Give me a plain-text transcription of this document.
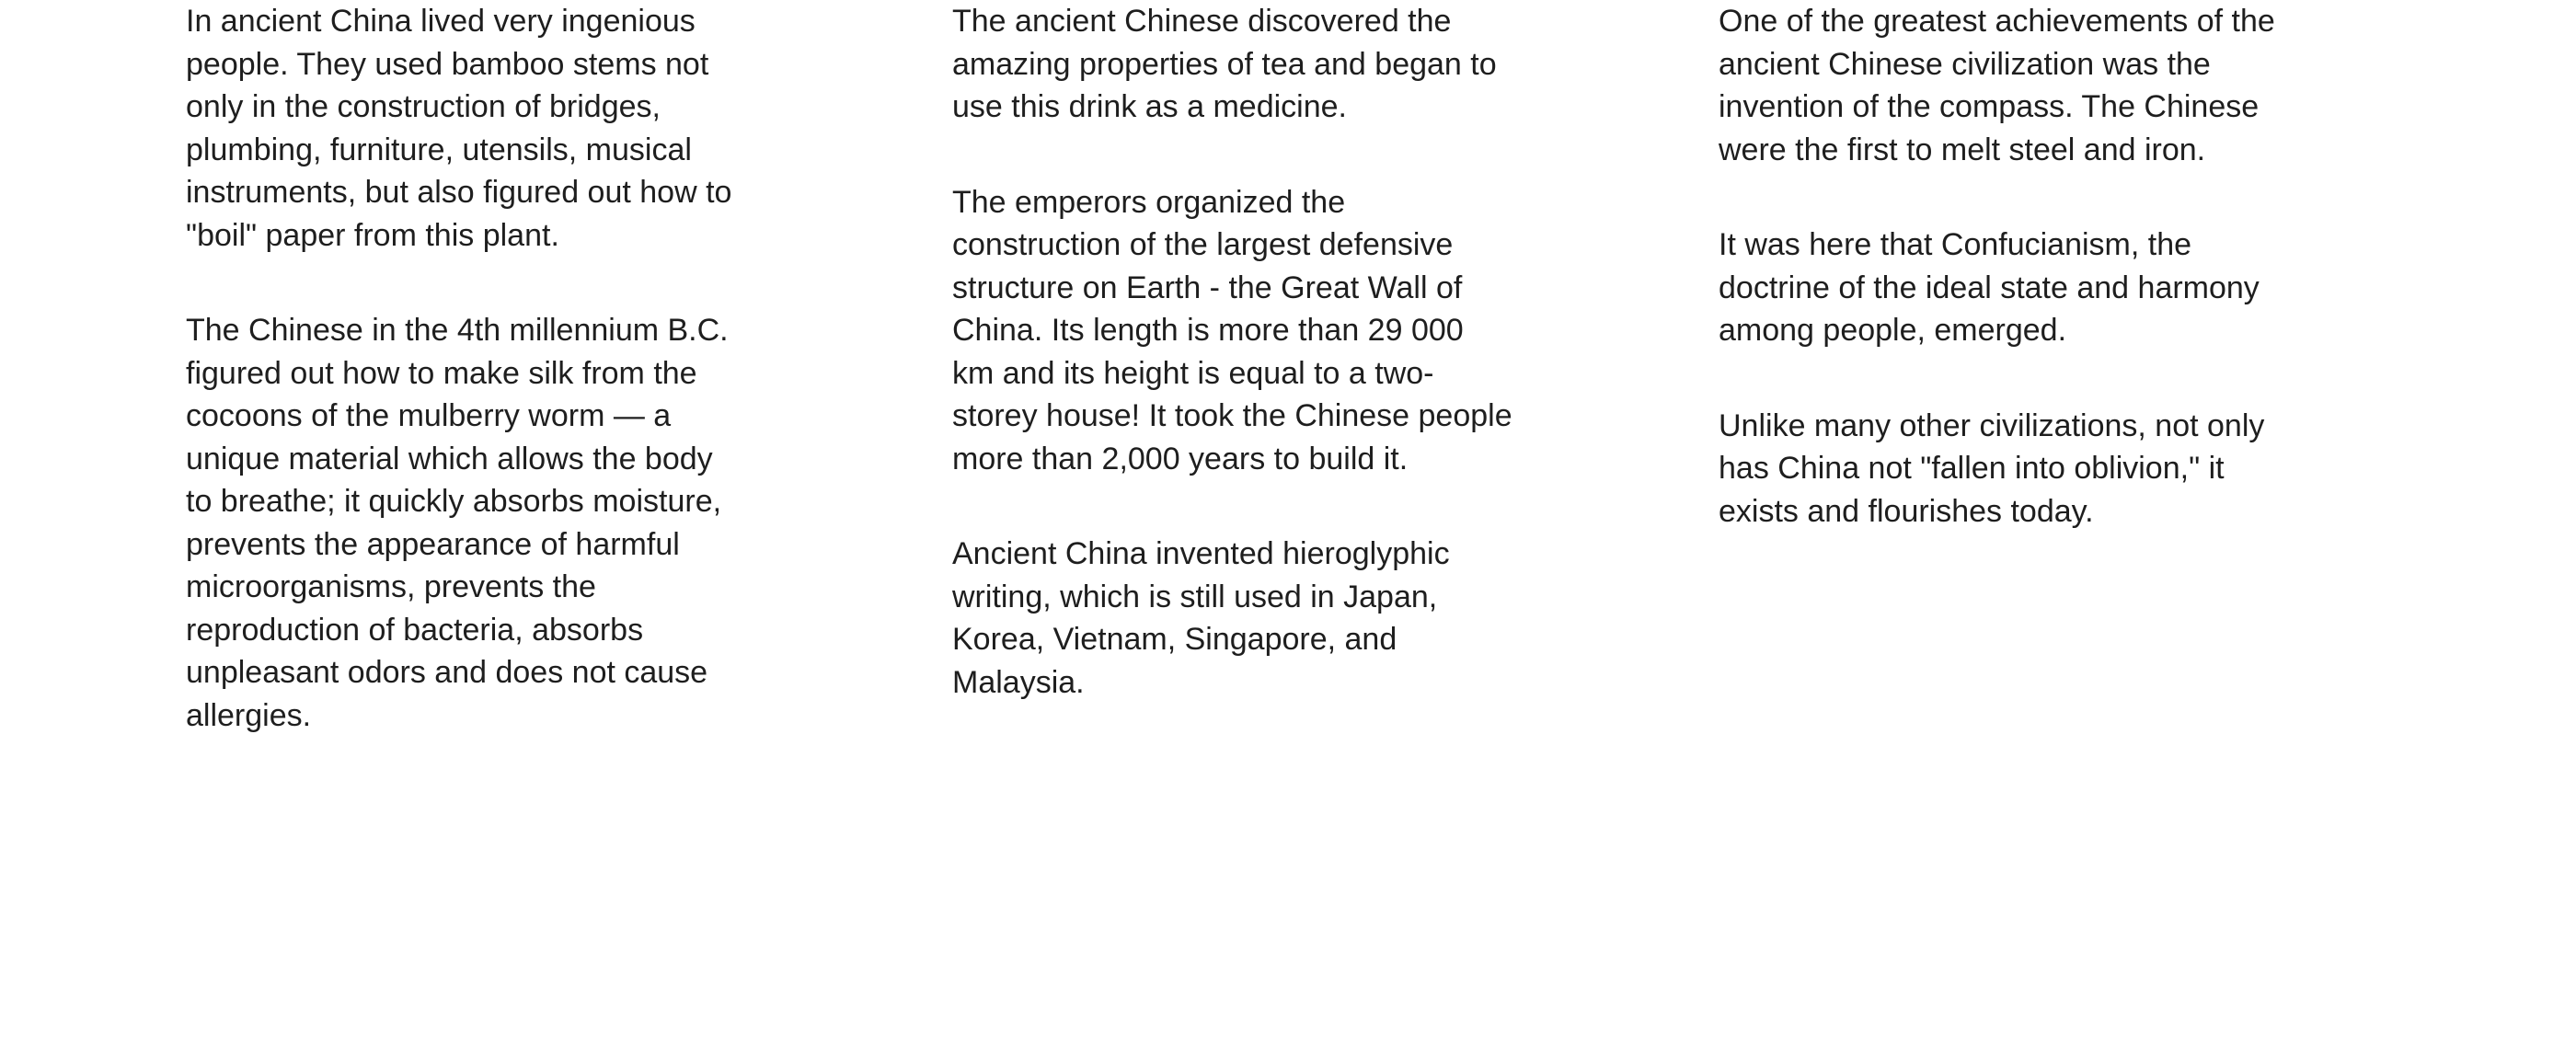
In ancient China lived very ingenious people. They used bamboo stems not only in the construction of bridges, plumbing, furniture, utensils, musical instruments, but also figured out how to "boil" paper from this plant.

The Chinese in the 4th millennium B.C. figured out how to make silk from the cocoons of the mulberry worm — a unique material which allows the body to breathe; it quickly absorbs moisture, prevents the appearance of harmful microorganisms, prevents the reproduction of bacteria, absorbs unpleasant odors and does not cause allergies.

The ancient Chinese discovered the amazing properties of tea and began to use this drink as a medicine.

The emperors organized the construction of the largest defensive structure on Earth - the Great Wall of China. Its length is more than 29 000 km and its height is equal to a two-storey house! It took the Chinese people more than 2,000 years to build it.

Ancient China invented hieroglyphic writing, which is still used in Japan, Korea, Vietnam, Singapore, and Malaysia.

One of the greatest achievements of the ancient Chinese civilization was the invention of the compass. The Chinese were the first to melt steel and iron.

It was here that Confucianism, the doctrine of the ideal state and harmony among people, emerged.

Unlike many other civilizations, not only has China not "fallen into oblivion," it exists and flourishes today.
